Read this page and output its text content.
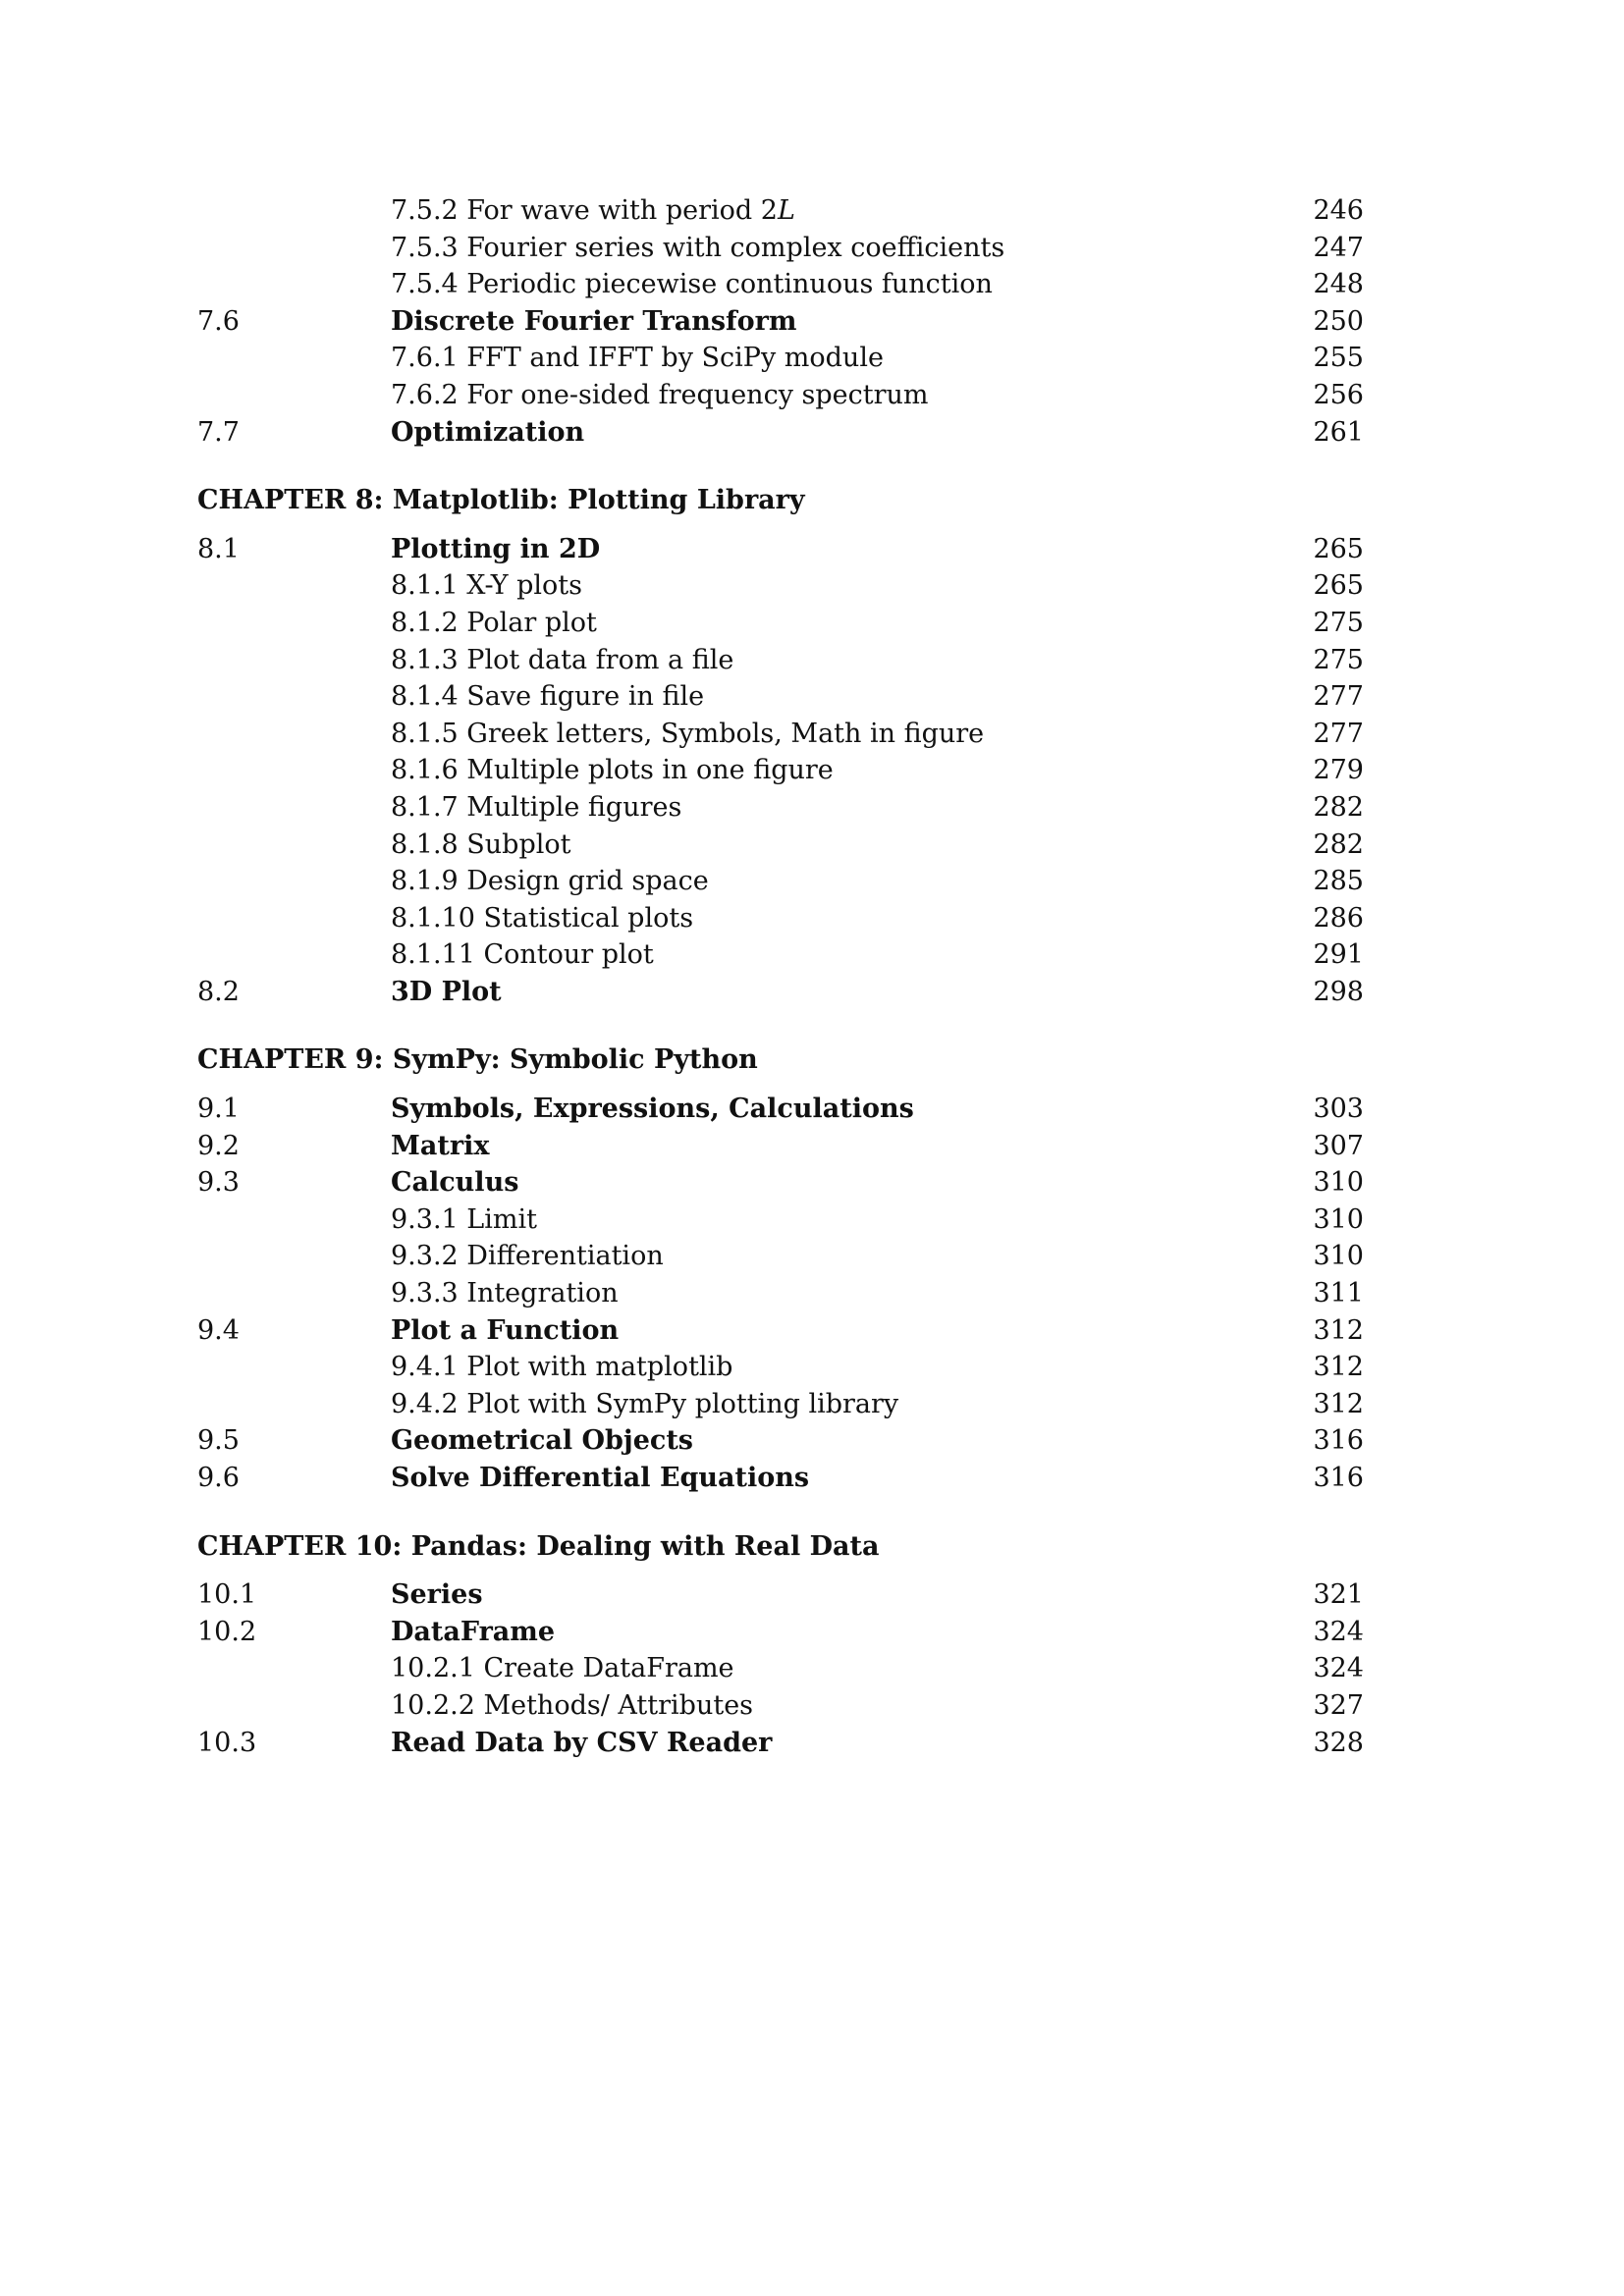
7.5.2 For wave with period 2L	246
7.5.3 Fourier series with complex coefficients	247
7.5.4 Periodic piecewise continuous function	248
7.6	Discrete Fourier Transform	250
7.6.1 FFT and IFFT by SciPy module	255
7.6.2 For one-sided frequency spectrum	256
7.7	Optimization	261
CHAPTER 8: Matplotlib: Plotting Library
8.1	Plotting in 2D	265
8.1.1 X-Y plots	265
8.1.2 Polar plot	275
8.1.3 Plot data from a file	275
8.1.4 Save figure in file	277
8.1.5 Greek letters, Symbols, Math in figure	277
8.1.6 Multiple plots in one figure	279
8.1.7 Multiple figures	282
8.1.8 Subplot	282
8.1.9 Design grid space	285
8.1.10 Statistical plots	286
8.1.11 Contour plot	291
8.2	3D Plot	298
CHAPTER 9: SymPy: Symbolic Python
9.1	Symbols, Expressions, Calculations	303
9.2	Matrix	307
9.3	Calculus	310
9.3.1 Limit	310
9.3.2 Differentiation	310
9.3.3 Integration	311
9.4	Plot a Function	312
9.4.1 Plot with matplotlib	312
9.4.2 Plot with SymPy plotting library	312
9.5	Geometrical Objects	316
9.6	Solve Differential Equations	316
CHAPTER 10: Pandas: Dealing with Real Data
10.1	Series	321
10.2	DataFrame	324
10.2.1 Create DataFrame	324
10.2.2 Methods/ Attributes	327
10.3	Read Data by CSV Reader	328
